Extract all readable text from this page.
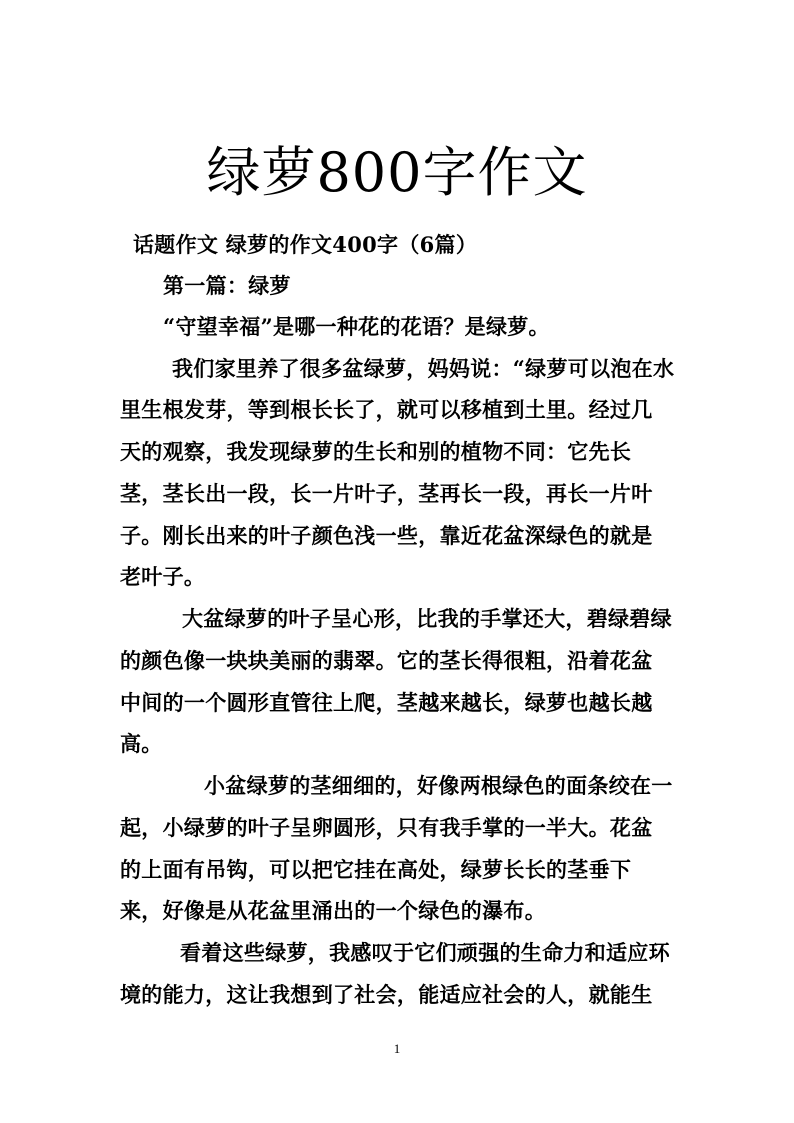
绿萝800字作文
话题作文 绿萝的作文400字（6篇）
第一篇：绿萝
“守望幸福”是哪一种花的花语？是绿萝。
我们家里养了很多盆绿萝，妈妈说：“绿萝可以泡在水
里生根发芽，等到根长长了，就可以移植到土里。经过几
天的观察，我发现绿萝的生长和别的植物不同：它先长
茎，茎长出一段，长一片叶子，茎再长一段，再长一片叶
子。刚长出来的叶子颜色浅一些，靠近花盆深绿色的就是
老叶子。
大盆绿萝的叶子呈心形，比我的手掌还大，碧绿碧绿
的颜色像一块块美丽的翡翠。它的茎长得很粗，沿着花盆
中间的一个圆形直管往上爬，茎越来越长，绿萝也越长越
高。
小盆绿萝的茎细细的，好像两根绿色的面条绞在一
起，小绿萝的叶子呈卵圆形，只有我手掌的一半大。花盆
的上面有吊钩，可以把它挂在高处，绿萝长长的茎垂下
来，好像是从花盆里涌出的一个绿色的瀑布。
看着这些绿萝，我感叹于它们顽强的生命力和适应环
境的能力，这让我想到了社会，能适应社会的人，就能生
1
